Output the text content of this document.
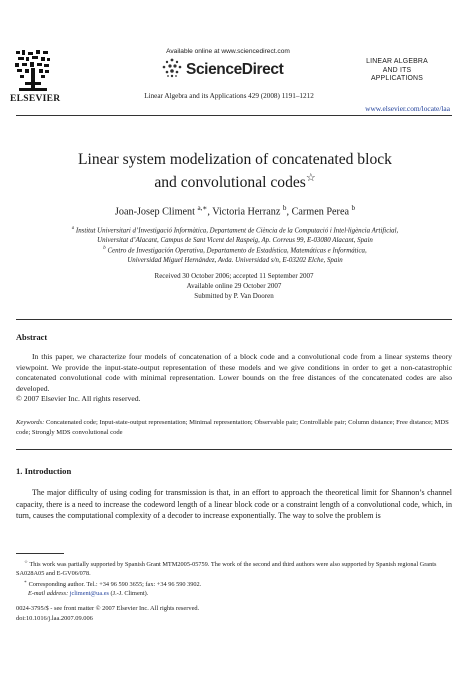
ELSEVIER
Available online at www.sciencedirect.com
ScienceDirect
Linear Algebra and its Applications 429 (2008) 1191–1212
LINEAR ALGEBRA
AND ITS
APPLICATIONS
www.elsevier.com/locate/laa
Linear system modelization of concatenated block
and convolutional codes☆
Joan-Josep Climent $^{a,∗}$, Victoria Herranz $^b$, Carmen Perea $^b$
$^a$ Institut Universitari d’Investigació Informàtica, Departament de Ciència de la Computació i Intel·ligència Artificial,
Universitat d’Alacant, Campus de Sant Vicent del Raspeig, Ap. Correus 99, E-03080 Alacant, Spain
$^b$ Centro de Investigación Operativa, Departamento de Estadística, Matemáticas e Informática,
Universidad Miguel Hernández, Avda. Universidad s/n, E-03202 Elche, Spain
Received 30 October 2006; accepted 11 September 2007
Available online 29 October 2007
Submitted by P. Van Dooren
Abstract

In this paper, we characterize four models of concatenation of a block code and a convolutional code from a linear systems theory viewpoint. We provide the input-state-output representation of these models and we give conditions in order to get a non-catastrophic concatenated convolutional code with minimal representation. Lower bounds on the free distances of the concatenated codes are also developed.

© 2007 Elsevier Inc. All rights reserved.
Keywords: Concatenated code; Input-state-output representation; Minimal representation; Observable pair; Controllable pair; Column distance; Free distance; MDS code; Strongly MDS convolutional code
1. Introduction

The major difficulty of using coding for transmission is that, in an effort to approach the theoretical limit for Shannon’s channel capacity, there is a need to increase the codeword length of a linear block code or a constraint length of a convolutional code, which, in turn, causes the computational complexity of a decoder to increase exponentially. The way to solve the problem is

☆ This work was partially supported by Spanish Grant MTM2005-05759. The work of the second and third authors were also supported by Spanish regional Grants SA028A05 and E-GV06/078.
∗ Corresponding author. Tel.: +34 96 590 3655; fax: +34 96 590 3902.
E-mail address: jcliment@ua.es (J.-J. Climent).
0024-3795/$ - see front matter © 2007 Elsevier Inc. All rights reserved.
doi:10.1016/j.laa.2007.09.006
